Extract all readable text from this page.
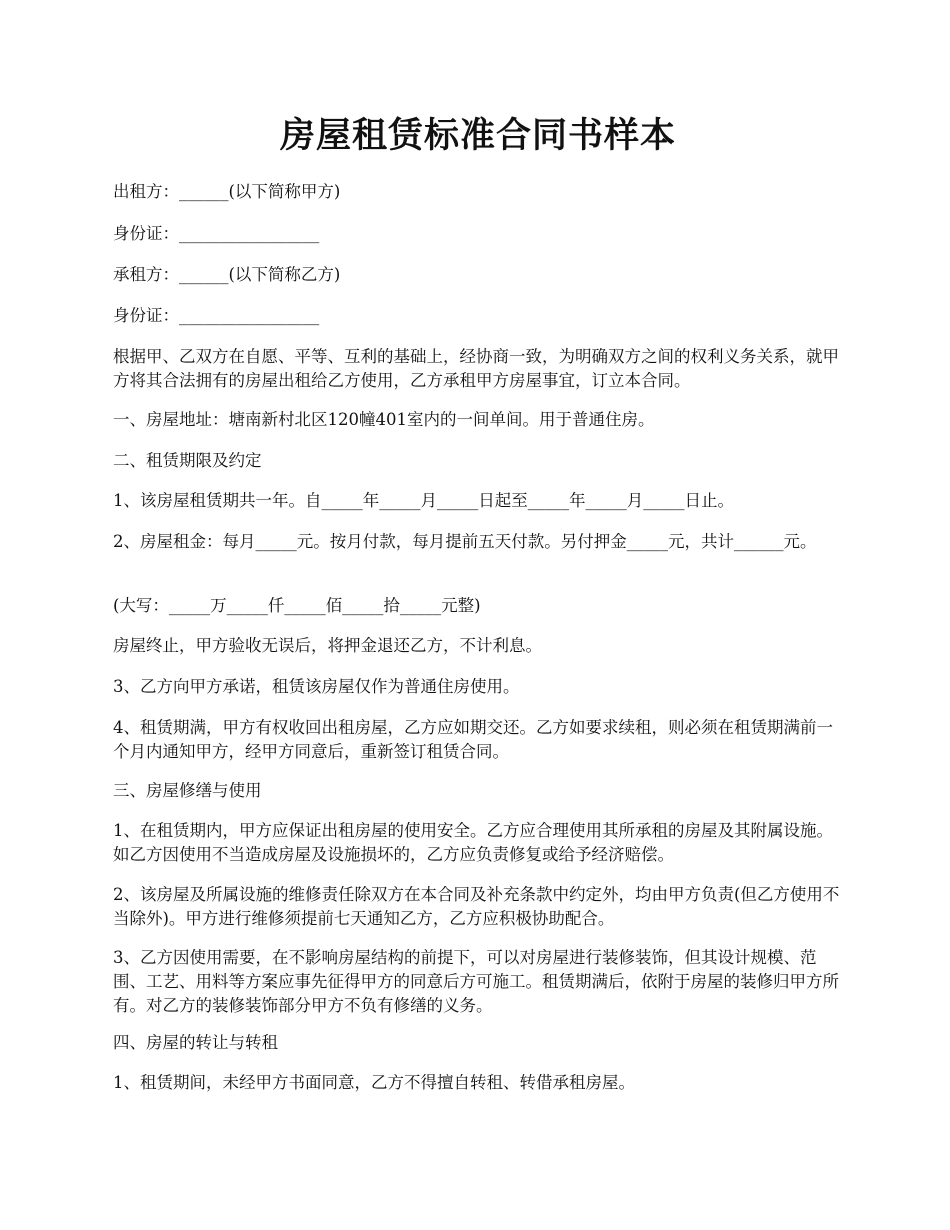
房屋租赁标准合同书样本

出租方：______(以下简称甲方)

身份证：_________________

承租方：______(以下简称乙方)

身份证：_________________

根据甲、乙双方在自愿、平等、互利的基础上，经协商一致，为明确双方之间的权利义务关系，就甲方将其合法拥有的房屋出租给乙方使用，乙方承租甲方房屋事宜，订立本合同。

一、房屋地址：塘南新村北区120幢401室内的一间单间。用于普通住房。

二、租赁期限及约定

1、该房屋租赁期共一年。自_____年_____月_____日起至_____年_____月_____日止。

2、房屋租金：每月_____元。按月付款，每月提前五天付款。另付押金_____元，共计______元。

(大写：_____万_____仟_____佰_____拾_____元整)

房屋终止，甲方验收无误后，将押金退还乙方，不计利息。

3、乙方向甲方承诺，租赁该房屋仅作为普通住房使用。

4、租赁期满，甲方有权收回出租房屋，乙方应如期交还。乙方如要求续租，则必须在租赁期满前一个月内通知甲方，经甲方同意后，重新签订租赁合同。

三、房屋修缮与使用

1、在租赁期内，甲方应保证出租房屋的使用安全。乙方应合理使用其所承租的房屋及其附属设施。如乙方因使用不当造成房屋及设施损坏的，乙方应负责修复或给予经济赔偿。

2、该房屋及所属设施的维修责任除双方在本合同及补充条款中约定外，均由甲方负责(但乙方使用不当除外)。甲方进行维修须提前七天通知乙方，乙方应积极协助配合。

3、乙方因使用需要，在不影响房屋结构的前提下，可以对房屋进行装修装饰，但其设计规模、范围、工艺、用料等方案应事先征得甲方的同意后方可施工。租赁期满后，依附于房屋的装修归甲方所有。对乙方的装修装饰部分甲方不负有修缮的义务。

四、房屋的转让与转租

1、租赁期间，未经甲方书面同意，乙方不得擅自转租、转借承租房屋。
